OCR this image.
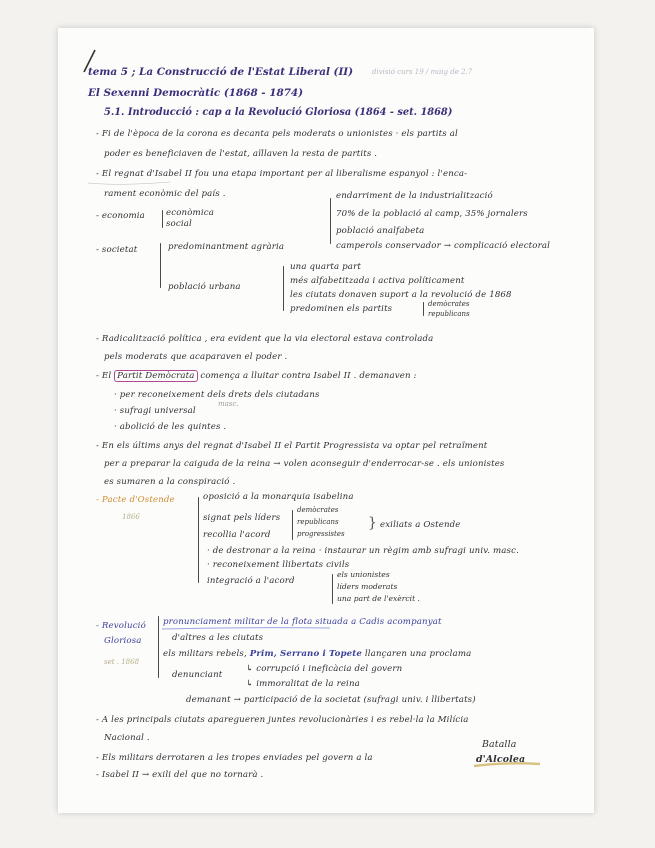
tema 5 ; La Construcció de l'Estat Liberal (II)	divisió curs 19 / maig de 2.7
El Sexenni Democràtic (1868 - 1874)
5.1. Introducció : cap a la Revolució Gloriosa (1864 - set. 1868)
- Fi de l'època de la corona es decanta pels moderats o unionistes · els partits al
poder es beneficiaven de l'estat, aïllaven la resta de partits .
- El regnat d'Isabel II fou una etapa important per al liberalisme espanyol : l'enca-
rament econòmic del país .
- economia econòmica
social
endarriment de la industrialització
70% de la població al camp, 35% jornalers
població analfabeta
camperols conservador → complicació electoral
- societat	predominantment agrària
població urbana
una quarta part
més alfabetitzada i activa políticament
les ciutats donaven suport a la revolució de 1868
predominen els partits	demòcrates
republicans
- Radicalització política , era evident que la via electoral estava controlada
pels moderats que acaparaven el poder .
- El Partit Demòcrata comença a lluitar contra Isabel II . demanaven :
· per reconeixement dels drets dels ciutadans
· sufragi universal
masc.
· abolició de les quintes .
- En els últims anys del regnat d'Isabel II el Partit Progressista va optar pel retraïment
per a preparar la caiguda de la reina → volen aconseguir d'enderrocar-se . els unionistes
es sumaren a la conspiració .
- Pacte d'Ostende
1866
oposició a la monarquia isabelina
signat pels líders
demòcrates
republicans
progressistes
} exiliats a Ostende
recollia l'acord
· de destronar a la reina · instaurar un règim amb sufragi univ. masc.
· reconeixement llibertats civils
integració a l'acord
els unionistes
líders moderats
una part de l'exèrcit .
- Revolució
Gloriosa
set . 1868
pronunciament militar de la flota situada a Cadis acompanyat
d'altres a les ciutats
els militars rebels, Prim, Serrano i Topete llançaren una proclama
denunciant
↳ corrupció i ineficàcia del govern
↳ immoralitat de la reina
demanant → participació de la societat (sufragi univ. i llibertats)
- A les principals ciutats aparegueren juntes revolucionàries i es rebel·la la Milícia
Nacional .
- Els militars derrotaren a les tropes enviades pel govern a la
Batalla
d'Alcolea
- Isabel II → exili del que no tornarà .
